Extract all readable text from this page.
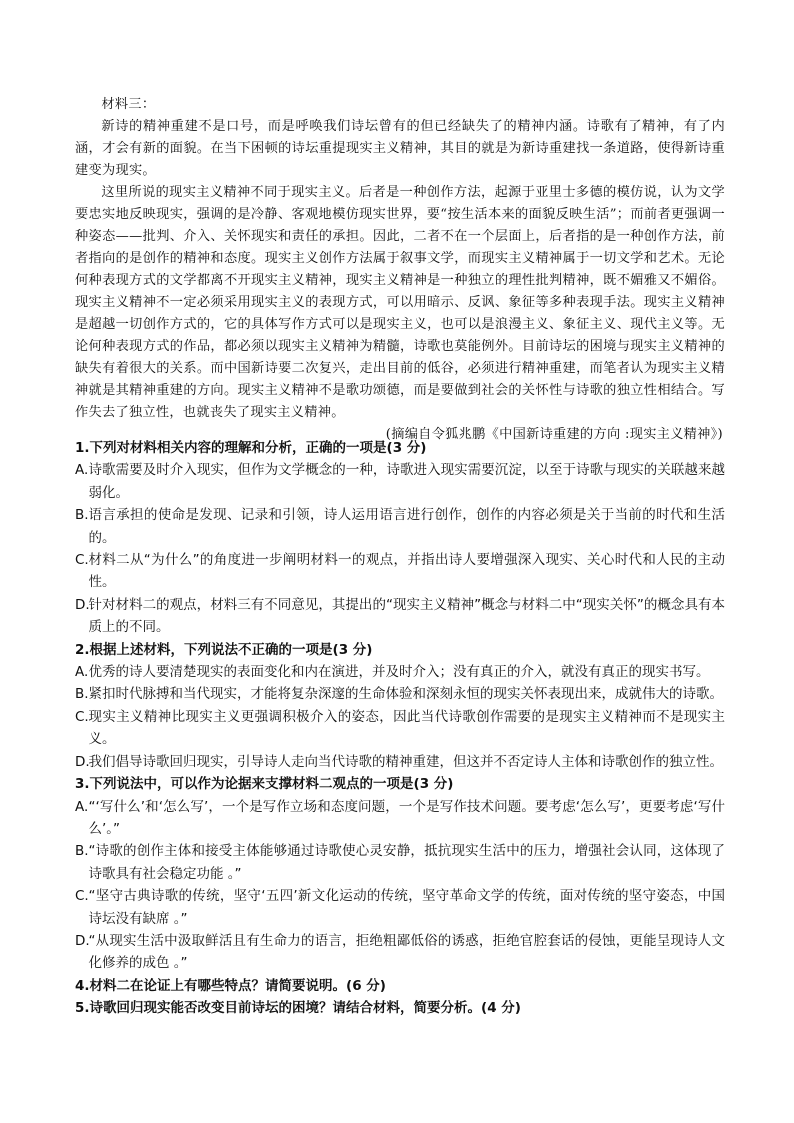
材料三：

新诗的精神重建不是口号，而是呼唤我们诗坛曾有的但已经缺失了的精神内涵。诗歌有了精神，有了内涵，才会有新的面貌。在当下困顿的诗坛重提现实主义精神，其目的就是为新诗重建找一条道路，使得新诗重建变为现实。

这里所说的现实主义精神不同于现实主义。后者是一种创作方法，起源于亚里士多德的模仿说，认为文学要忠实地反映现实，强调的是冷静、客观地模仿现实世界，要“按生活本来的面貌反映生活”；而前者更强调一种姿态——批判、介入、关怀现实和责任的承担。因此，二者不在一个层面上，后者指的是一种创作方法，前者指向的是创作的精神和态度。现实主义创作方法属于叙事文学，而现实主义精神属于一切文学和艺术。无论何种表现方式的文学都离不开现实主义精神，现实主义精神是一种独立的理性批判精神，既不媚雅又不媚俗。现实主义精神不一定必须采用现实主义的表现方式，可以用暗示、反讽、象征等多种表现手法。现实主义精神是超越一切创作方式的，它的具体写作方式可以是现实主义，也可以是浪漫主义、象征主义、现代主义等。无论何种表现方式的作品，都必须以现实主义精神为精髓，诗歌也莫能例外。目前诗坛的困境与现实主义精神的缺失有着很大的关系。而中国新诗要二次复兴，走出目前的低谷，必须进行精神重建，而笔者认为现实主义精神就是其精神重建的方向。现实主义精神不是歌功颂德，而是要做到社会的关怀性与诗歌的独立性相结合。写作失去了独立性，也就丧失了现实主义精神。

(摘编自令狐兆鹏《中国新诗重建的方向 :现实主义精神》)

1.下列对材料相关内容的理解和分析，正确的一项是(3 分)

A. 诗歌需要及时介入现实，但作为文学概念的一种，诗歌进入现实需要沉淀，以至于诗歌与现实的关联越来越弱化。
B. 语言承担的使命是发现、记录和引领，诗人运用语言进行创作，创作的内容必须是关于当前的时代和生活的。
C. 材料二从“为什么”的角度进一步阐明材料一的观点，并指出诗人要增强深入现实、关心时代和人民的主动性。
D.
针对材料二的观点，材料三有不同意见，其提出的“现实主义精神”概念与材料二中“现实关怀”的概念具有本质上的不同。

2.根据上述材料，下列说法不正确的一项是(3 分)

A. 优秀的诗人要清楚现实的表面变化和内在演进，并及时介入；没有真正的介入，就没有真正的现实书写。
B. 紧扣时代脉搏和当代现实，才能将复杂深邃的生命体验和深刻永恒的现实关怀表现出来，成就伟大的诗歌。
C. 现实主义精神比现实主义更强调积极介入的姿态，因此当代诗歌创作需要的是现实主义精神而不是现实主义。
D.
我们倡导诗歌回归现实，引导诗人走向当代诗歌的精神重建，但这并不否定诗人主体和诗歌创作的独立性。

3.下列说法中，可以作为论据来支撑材料二观点的一项是(3 分)

A. “‘写什么’和‘怎么写’，一个是写作立场和态度问题，一个是写作技术问题。要考虑‘怎么写’，更要考虑‘写什么’。”
B. “诗歌的创作主体和接受主体能够通过诗歌使心灵安静，抵抗现实生活中的压力，增强社会认同，这体现了诗歌具有社会稳定功能 。”
C. “坚守古典诗歌的传统，坚守‘五四’新文化运动的传统，坚守革命文学的传统，面对传统的坚守姿态，中国诗坛没有缺席 。”
D.
“从现实生活中汲取鲜活且有生命力的语言，拒绝粗鄙低俗的诱惑，拒绝官腔套话的侵蚀，更能呈现诗人文化修养的成色 。”

4.材料二在论证上有哪些特点？请简要说明。(6 分)

5.诗歌回归现实能否改变目前诗坛的困境？请结合材料，简要分析。(4 分)
